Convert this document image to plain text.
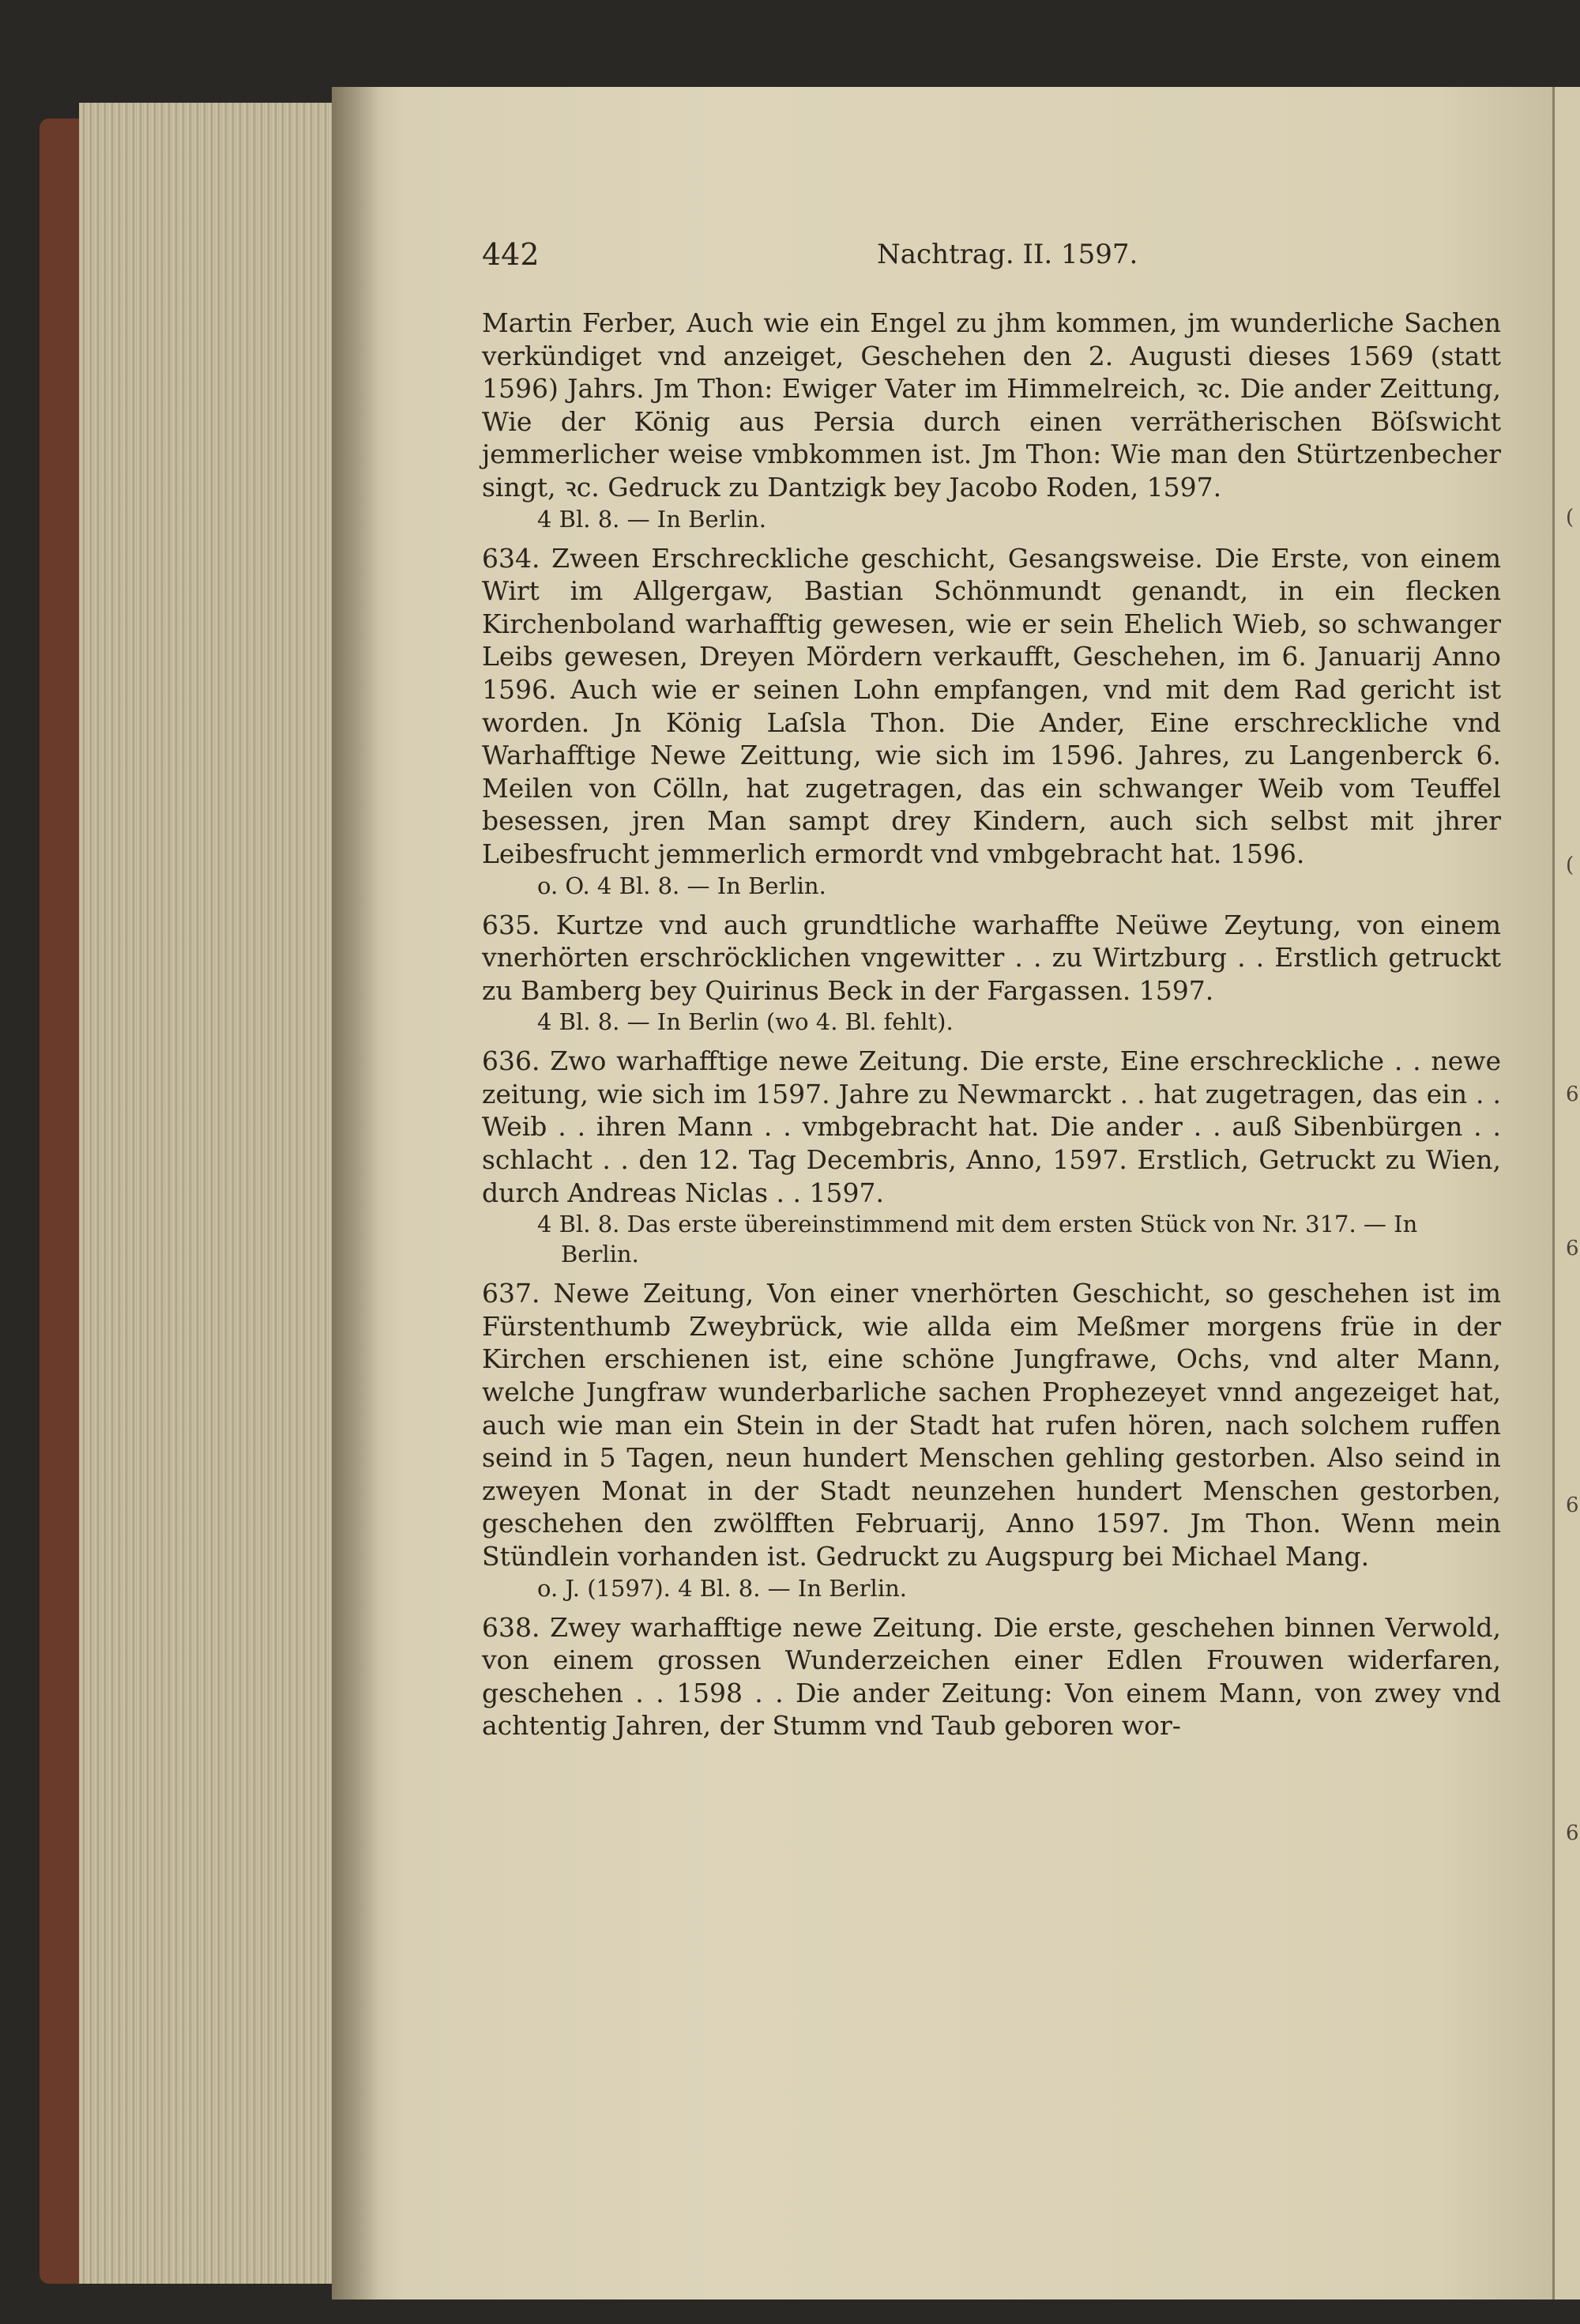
(
(
6
6
6
6
442	Nachtrag. II. 1597.

Martin Ferber, Auch wie ein Engel zu jhm kommen, jm wunderliche Sachen verkündiget vnd anzeiget, Geschehen den 2. Augusti dieses 1569 (statt 1596) Jahrs. Jm Thon: Ewiger Vater im Himmelreich, ꝛc. Die ander Zeittung, Wie der König aus Persia durch einen verrätherischen Böſswicht jemmerlicher weise vmbkommen ist. Jm Thon: Wie man den Stürtzenbecher singt, ꝛc. Gedruck zu Dantzigk bey Jacobo Roden, 1597.

4 Bl. 8. — In Berlin.

634. Zween Erschreckliche geschicht, Gesangsweise. Die Erste, von einem Wirt im Allgergaw, Bastian Schönmundt genandt, in ein flecken Kirchenboland warhafftig gewesen, wie er sein Ehelich Wieb, so schwanger Leibs gewesen, Dreyen Mördern verkaufft, Geschehen, im 6. Januarij Anno 1596. Auch wie er seinen Lohn empfangen, vnd mit dem Rad gericht ist worden. Jn König Laſsla Thon. Die Ander, Eine erschreckliche vnd Warhafftige Newe Zeittung, wie sich im 1596. Jahres, zu Langenberck 6. Meilen von Cölln, hat zugetragen, das ein schwanger Weib vom Teuffel besessen, jren Man sampt drey Kindern, auch sich selbst mit jhrer Leibesfrucht jemmerlich ermordt vnd vmbgebracht hat. 1596.

o. O. 4 Bl. 8. — In Berlin.

635. Kurtze vnd auch grundtliche warhaffte Neüwe Zeytung, von einem vnerhörten erschröcklichen vngewitter . . zu Wirtzburg . . Erstlich getruckt zu Bamberg bey Quirinus Beck in der Fargassen. 1597.

4 Bl. 8. — In Berlin (wo 4. Bl. fehlt).

636. Zwo warhafftige newe Zeitung. Die erste, Eine erschreckliche . . newe zeitung, wie sich im 1597. Jahre zu Newmarckt . . hat zugetragen, das ein . . Weib . . ihren Mann . . vmbgebracht hat. Die ander . . auß Sibenbürgen . . schlacht . . den 12. Tag Decembris, Anno, 1597. Erstlich, Getruckt zu Wien, durch Andreas Niclas . . 1597.

4 Bl. 8. Das erste übereinstimmend mit dem ersten Stück von Nr. 317. — In Berlin.

637. Newe Zeitung, Von einer vnerhörten Geschicht, so geschehen ist im Fürstenthumb Zweybrück, wie allda eim Meßmer morgens früe in der Kirchen erschienen ist, eine schöne Jungfrawe, Ochs, vnd alter Mann, welche Jungfraw wunderbarliche sachen Prophezeyet vnnd angezeiget hat, auch wie man ein Stein in der Stadt hat rufen hören, nach solchem ruffen seind in 5 Tagen, neun hundert Menschen gehling gestorben. Also seind in zweyen Monat in der Stadt neunzehen hundert Menschen gestorben, geschehen den zwölfften Februarij, Anno 1597. Jm Thon. Wenn mein Stündlein vorhanden ist. Gedruckt zu Augspurg bei Michael Mang.

o. J. (1597). 4 Bl. 8. — In Berlin.

638. Zwey warhafftige newe Zeitung. Die erste, geschehen binnen Verwold, von einem grossen Wunderzeichen einer Edlen Frouwen widerfaren, geschehen . . 1598 . . Die ander Zeitung: Von einem Mann, von zwey vnd achtentig Jahren, der Stumm vnd Taub geboren wor-
